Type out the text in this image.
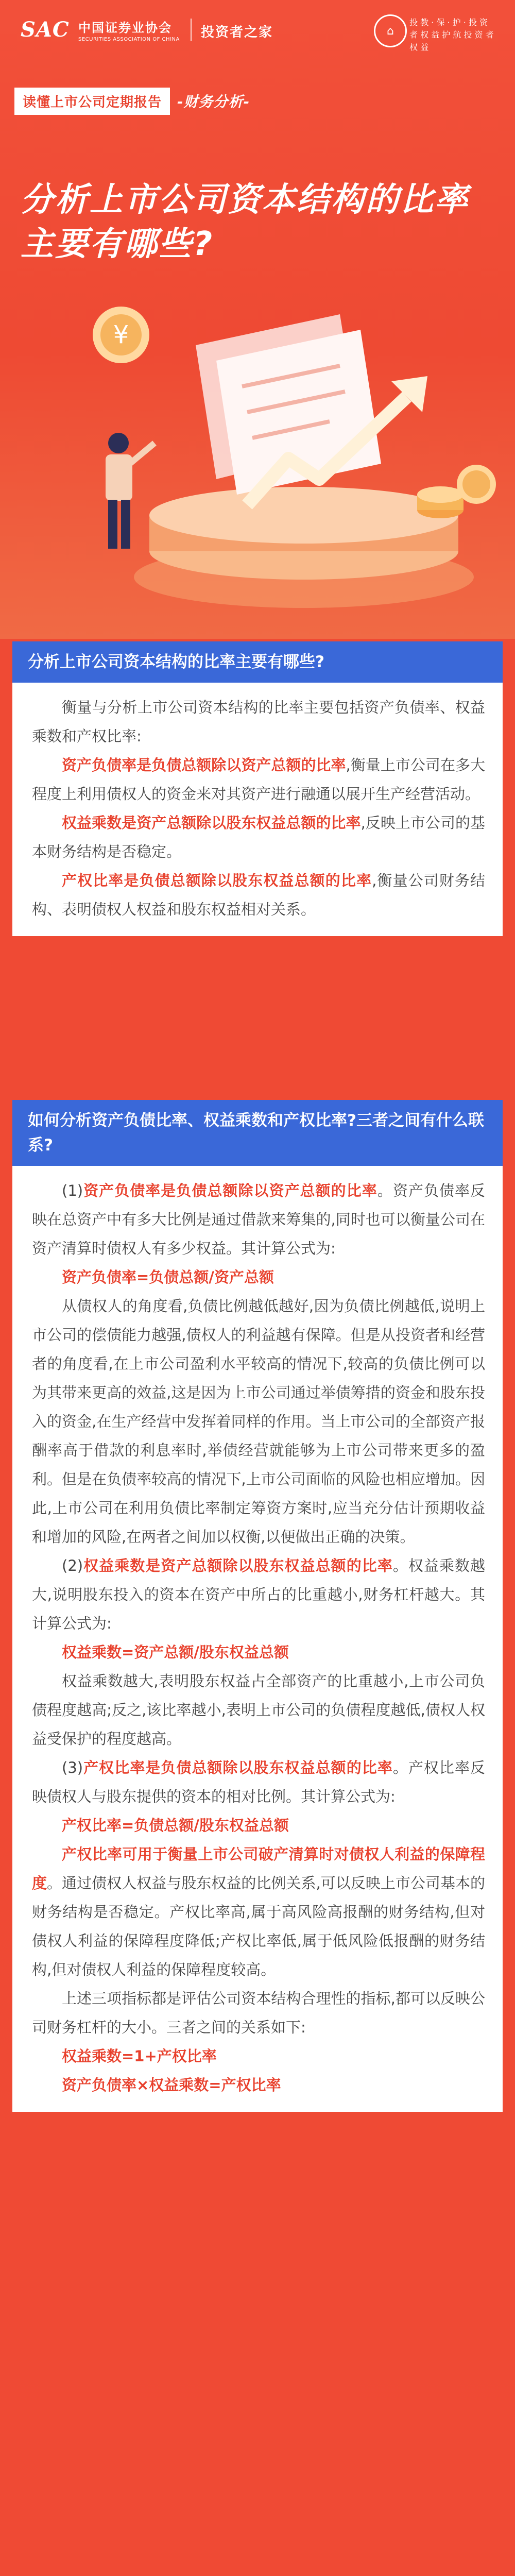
SAC 中国证券业协会
SECURITIES ASSOCIATION OF CHINA 投资者之家	⌂
投 教 · 保 · 护 · 投 资 者 权 益 护 航 投 资 者 权 益
读懂上市公司定期报告	-财务分析-
分析上市公司资本结构的比率主要有哪些?
¥
分析上市公司资本结构的比率主要有哪些?

衡量与分析上市公司资本结构的比率主要包括资产负债率、权益乘数和产权比率:

资产负债率是负债总额除以资产总额的比率,衡量上市公司在多大程度上利用债权人的资金来对其资产进行融通以展开生产经营活动。

权益乘数是资产总额除以股东权益总额的比率,反映上市公司的基本财务结构是否稳定。

产权比率是负债总额除以股东权益总额的比率,衡量公司财务结构、表明债权人权益和股东权益相对关系。

如何分析资产负债比率、权益乘数和产权比率?三者之间有什么联系?

(1)资产负债率是负债总额除以资产总额的比率。资产负债率反映在总资产中有多大比例是通过借款来筹集的,同时也可以衡量公司在资产清算时债权人有多少权益。其计算公式为:

资产负债率=负债总额/资产总额

从债权人的角度看,负债比例越低越好,因为负债比例越低,说明上市公司的偿债能力越强,债权人的利益越有保障。但是从投资者和经营者的角度看,在上市公司盈利水平较高的情况下,较高的负债比例可以为其带来更高的效益,这是因为上市公司通过举债筹措的资金和股东投入的资金,在生产经营中发挥着同样的作用。当上市公司的全部资产报酬率高于借款的利息率时,举债经营就能够为上市公司带来更多的盈利。但是在负债率较高的情况下,上市公司面临的风险也相应增加。因此,上市公司在利用负债比率制定筹资方案时,应当充分估计预期收益和增加的风险,在两者之间加以权衡,以便做出正确的决策。

(2)权益乘数是资产总额除以股东权益总额的比率。权益乘数越大,说明股东投入的资本在资产中所占的比重越小,财务杠杆越大。其计算公式为:

权益乘数=资产总额/股东权益总额

权益乘数越大,表明股东权益占全部资产的比重越小,上市公司负债程度越高;反之,该比率越小,表明上市公司的负债程度越低,债权人权益受保护的程度越高。

(3)产权比率是负债总额除以股东权益总额的比率。产权比率反映债权人与股东提供的资本的相对比例。其计算公式为:

产权比率=负债总额/股东权益总额

产权比率可用于衡量上市公司破产清算时对债权人利益的保障程度。通过债权人权益与股东权益的比例关系,可以反映上市公司基本的财务结构是否稳定。产权比率高,属于高风险高报酬的财务结构,但对债权人利益的保障程度降低;产权比率低,属于低风险低报酬的财务结构,但对债权人利益的保障程度较高。

上述三项指标都是评估公司资本结构合理性的指标,都可以反映公司财务杠杆的大小。三者之间的关系如下:

权益乘数=1+产权比率

资产负债率×权益乘数=产权比率
